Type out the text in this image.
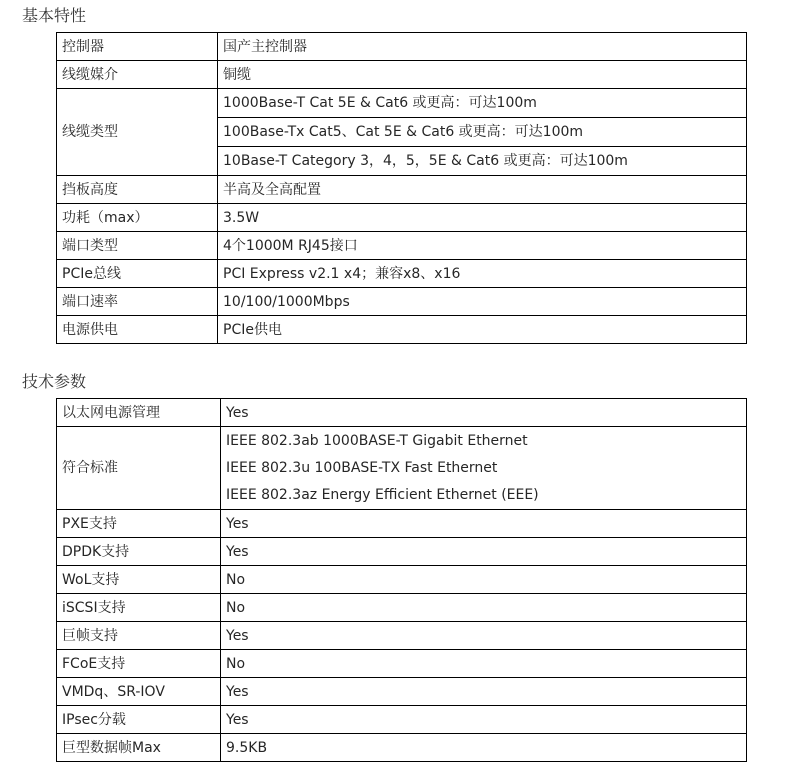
基本特性
控制器	国产主控制器
线缆媒介	铜缆
线缆类型	1000Base-T Cat 5E & Cat6 或更高：可达100m
	100Base-Tx Cat5、Cat 5E & Cat6 或更高：可达100m
	10Base-T Category 3，4，5，5E & Cat6 或更高：可达100m
挡板高度	半高及全高配置
功耗（max）	3.5W
端口类型	4个1000M RJ45接口
PCIe总线	PCI Express v2.1 x4；兼容x8、x16
端口速率	10/100/1000Mbps
电源供电	PCIe供电
技术参数
以太网电源管理	Yes
符合标准	IEEE 802.3ab 1000BASE-T Gigabit Ethernet
IEEE 802.3u 100BASE-TX Fast Ethernet
IEEE 802.3az Energy Efficient Ethernet (EEE)

PXE支持	Yes
DPDK支持	Yes
WoL支持	No
iSCSI支持	No
巨帧支持	Yes
FCoE支持	No
VMDq、SR-IOV	Yes
IPsec分载	Yes
巨型数据帧Max	9.5KB
